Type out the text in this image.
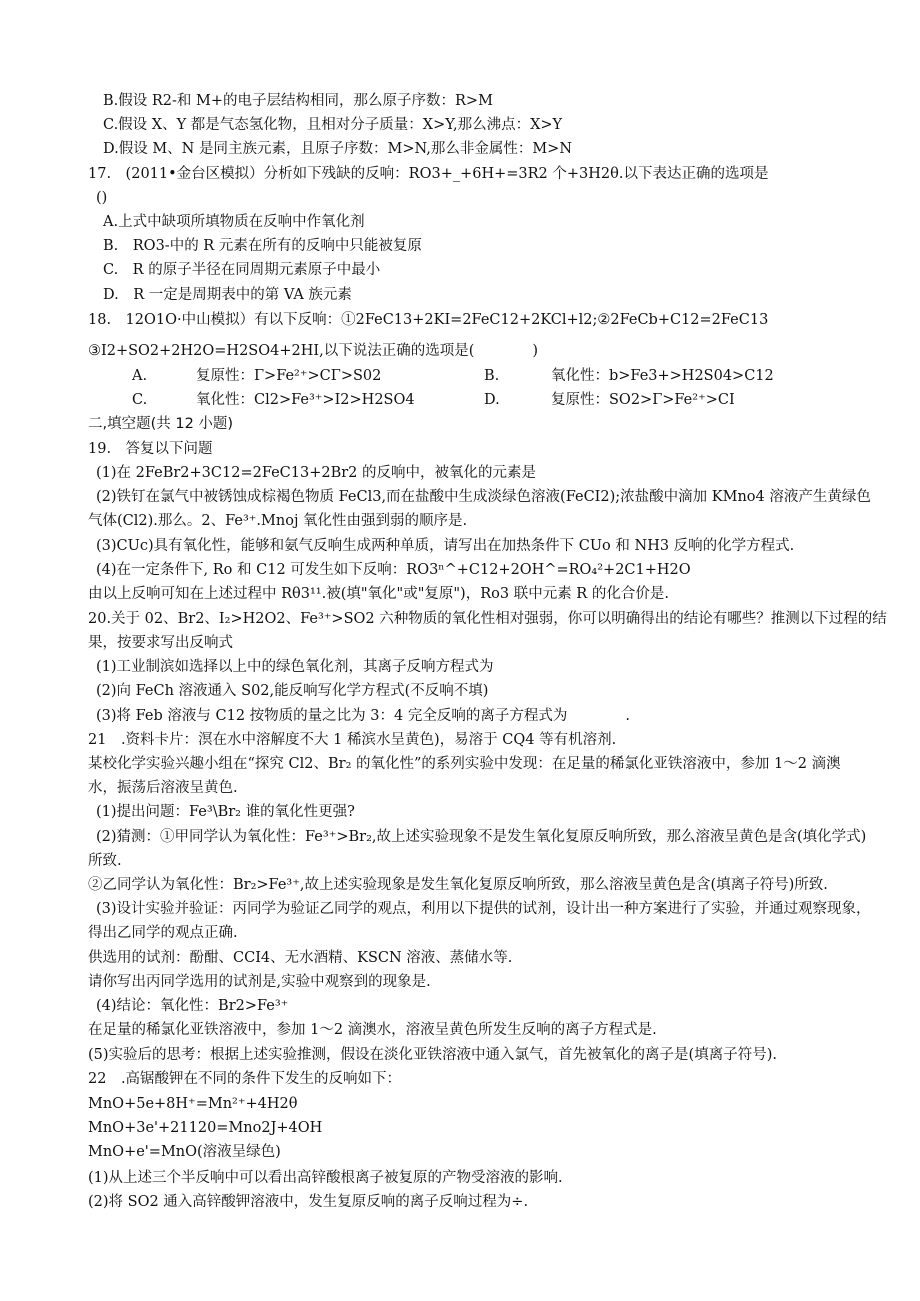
B.假设 R2-和 M+的电子层结构相同，那么原子序数：R>M
C.假设 X、Y 都是气态氢化物，且相对分子质量：X>Y,那么沸点：X>Y
D.假设 M、N 是同主族元素，且原子序数：M>N,那么非金属性：M>N
17.　(2011•金台区模拟）分析如下残缺的反响：RO3+_+6H+=3R2 个+3H2θ.以下表达正确的选项是
()
A.上式中缺项所填物质在反响中作氧化剂
B.　RO3-中的 R 元素在所有的反响中只能被复原
C.　R 的原子半径在同周期元素原子中最小
D.　R 一定是周期表中的第 VA 族元素
18.　12O1O·中山模拟）有以下反响：①2FeC13+2KI=2FeC12+2KCl+l2;②2FeCb+C12=2FeC13
③I2+SO2+2H2O=H2SO4+2HI,以下说法正确的选项是(　　　　)
A.	复原性：Γ>Fe²⁺>CΓ>S02	B.	氧化性：b>Fe3+>H2S04>C12
C.	氧化性：Cl2>Fe³⁺>I2>H2SO4	D.	复原性：SO2>Γ>Fe²⁺>CI
二,填空题(共 12 小题)
19.　答复以下问题
(1)在 2FeBr2+3C12=2FeC13+2Br2 的反响中，被氧化的元素是
(2)铁钉在氯气中被锈蚀成棕褐色物质 FeCl3,而在盐酸中生成淡绿色溶液(FeCI2);浓盐酸中滴加 KMno4 溶液产生黄绿色
气体(Cl2).那么。2、Fe³⁺.Mnoj 氧化性由强到弱的顺序是.
(3)CUc)具有氧化性，能够和氨气反响生成两种单质，请写出在加热条件下 CUo 和 NH3 反响的化学方程式.
(4)在一定条件下, Ro 和 C12 可发生如下反响：RO3ⁿ^+C12+2OH^=RO₄²+2C1+H2O
由以上反响可知在上述过程中 Rθ3¹¹.被(填"氧化"或"复原")，Ro3 联中元素 R 的化合价是.
20.关于 02、Br2、I₂>H2O2、Fe³⁺>SO2 六种物质的氧化性相对强弱，你可以明确得出的结论有哪些？推测以下过程的结
果，按要求写出反响式
(1)工业制滨如选择以上中的绿色氧化剂，其离子反响方程式为
(2)向 FeCh 溶液通入 S02,能反响写化学方程式(不反响不填)
(3)将 Feb 溶液与 C12 按物质的量之比为 3：4 完全反响的离子方程式为　　　　.
21　.资料卡片：溟在水中溶解度不大 1 稀滨水呈黄色)，易溶于 CQ4 等有机溶剂.
某校化学实验兴趣小组在“探究 Cl2、Br₂ 的氧化性”的系列实验中发现：在足量的稀氯化亚铁溶液中，参加 1～2 滴澳
水，振荡后溶液呈黄色.
(1)提出问题：Fe³\Br₂ 谁的氧化性更强?
(2)猜测：①甲同学认为氧化性：Fe³⁺>Br₂,故上述实验现象不是发生氧化复原反响所致，那么溶液呈黄色是含(填化学式)
所致.
②乙同学认为氧化性：Br₂>Fe³⁺,故上述实验现象是发生氧化复原反响所致，那么溶液呈黄色是含(填离子符号)所致.
(3)设计实验并验证：丙同学为验证乙同学的观点，利用以下提供的试剂，设计出一种方案进行了实验，并通过观察现象，
得出乙同学的观点正确.
供选用的试剂：酚酣、CCI4、无水酒精、KSCN 溶液、蒸储水等.
请你写出丙同学选用的试剂是,实验中观察到的现象是.
(4)结论：氧化性：Br2>Fe³⁺
在足量的稀氯化亚铁溶液中，参加 1～2 滴澳水，溶液呈黄色所发生反响的离子方程式是.
(5)实验后的思考：根据上述实验推测，假设在淡化亚铁溶液中通入氯气，首先被氧化的离子是(填离子符号).
22　.高锯酸钾在不同的条件下发生的反响如下：
MnO+5e+8H⁺=Mn²⁺+4H2θ
MnO+3e'+21120=Mno2J+4OH
MnO+e'=MnO(溶液呈绿色)
(1)从上述三个半反响中可以看出高锌酸根离子被复原的产物受溶液的影响.
(2)将 SO2 通入高锌酸钾溶液中，发生复原反响的离子反响过程为÷.
